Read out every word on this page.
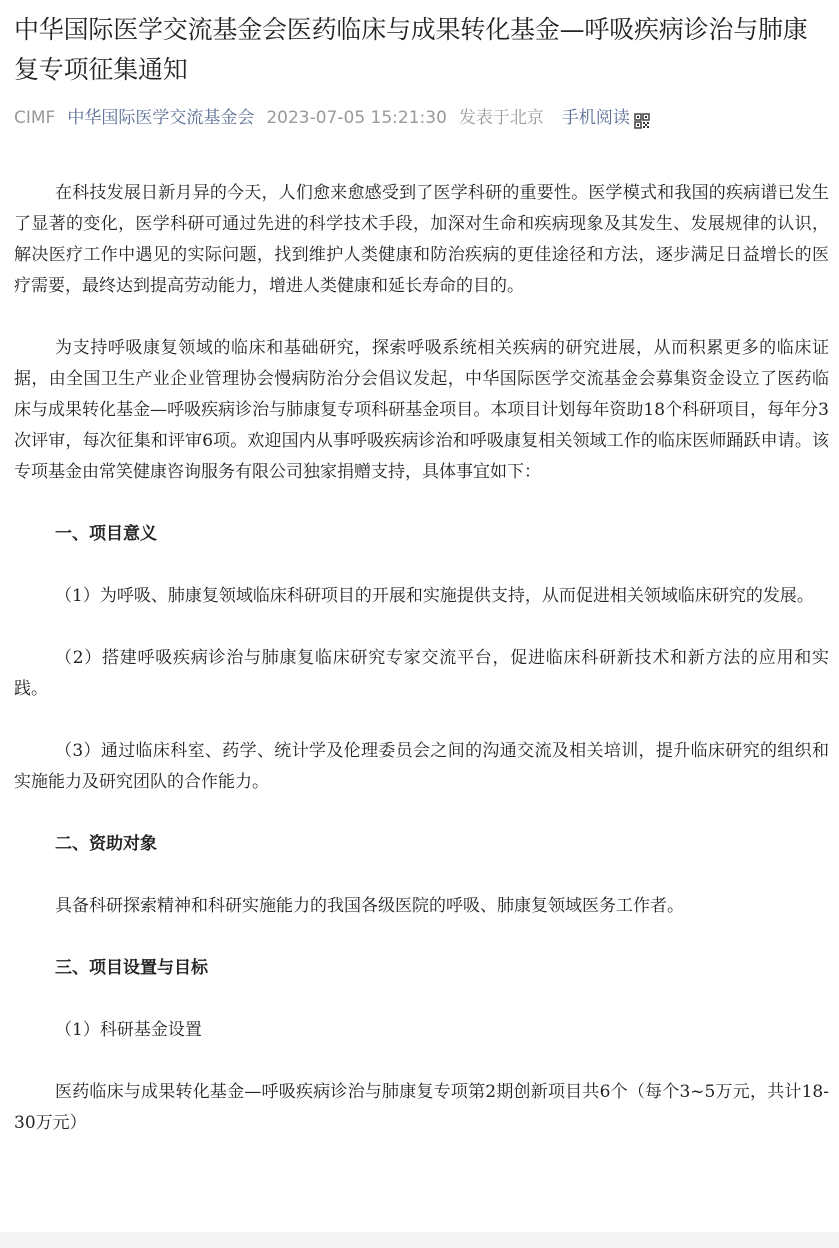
中华国际医学交流基金会医药临床与成果转化基金—呼吸疾病诊治与肺康复专项征集通知
CIMF 中华国际医学交流基金会 2023-07-05 15:21:30 发表于北京 手机阅读

在科技发展日新月异的今天，人们愈来愈感受到了医学科研的重要性。医学模式和我国的疾病谱已发生了显著的变化，医学科研可通过先进的科学技术手段，加深对生命和疾病现象及其发生、发展规律的认识，解决医疗工作中遇见的实际问题，找到维护人类健康和防治疾病的更佳途径和方法，逐步满足日益增长的医疗需要，最终达到提高劳动能力，增进人类健康和延长寿命的目的。

为支持呼吸康复领域的临床和基础研究，探索呼吸系统相关疾病的研究进展，从而积累更多的临床证据，由全国卫生产业企业管理协会慢病防治分会倡议发起，中华国际医学交流基金会募集资金设立了医药临床与成果转化基金—呼吸疾病诊治与肺康复专项科研基金项目。本项目计划每年资助18个科研项目，每年分3次评审，每次征集和评审6项。欢迎国内从事呼吸疾病诊治和呼吸康复相关领域工作的临床医师踊跃申请。该专项基金由常笑健康咨询服务有限公司独家捐赠支持，具体事宜如下：

一、项目意义

（1）为呼吸、肺康复领域临床科研项目的开展和实施提供支持，从而促进相关领域临床研究的发展。

（2）搭建呼吸疾病诊治与肺康复临床研究专家交流平台，促进临床科研新技术和新方法的应用和实践。

（3）通过临床科室、药学、统计学及伦理委员会之间的沟通交流及相关培训，提升临床研究的组织和实施能力及研究团队的合作能力。

二、资助对象

具备科研探索精神和科研实施能力的我国各级医院的呼吸、肺康复领域医务工作者。

三、项目设置与目标

（1）科研基金设置

医药临床与成果转化基金—呼吸疾病诊治与肺康复专项第2期创新项目共6个（每个3~5万元，共计18-30万元）
